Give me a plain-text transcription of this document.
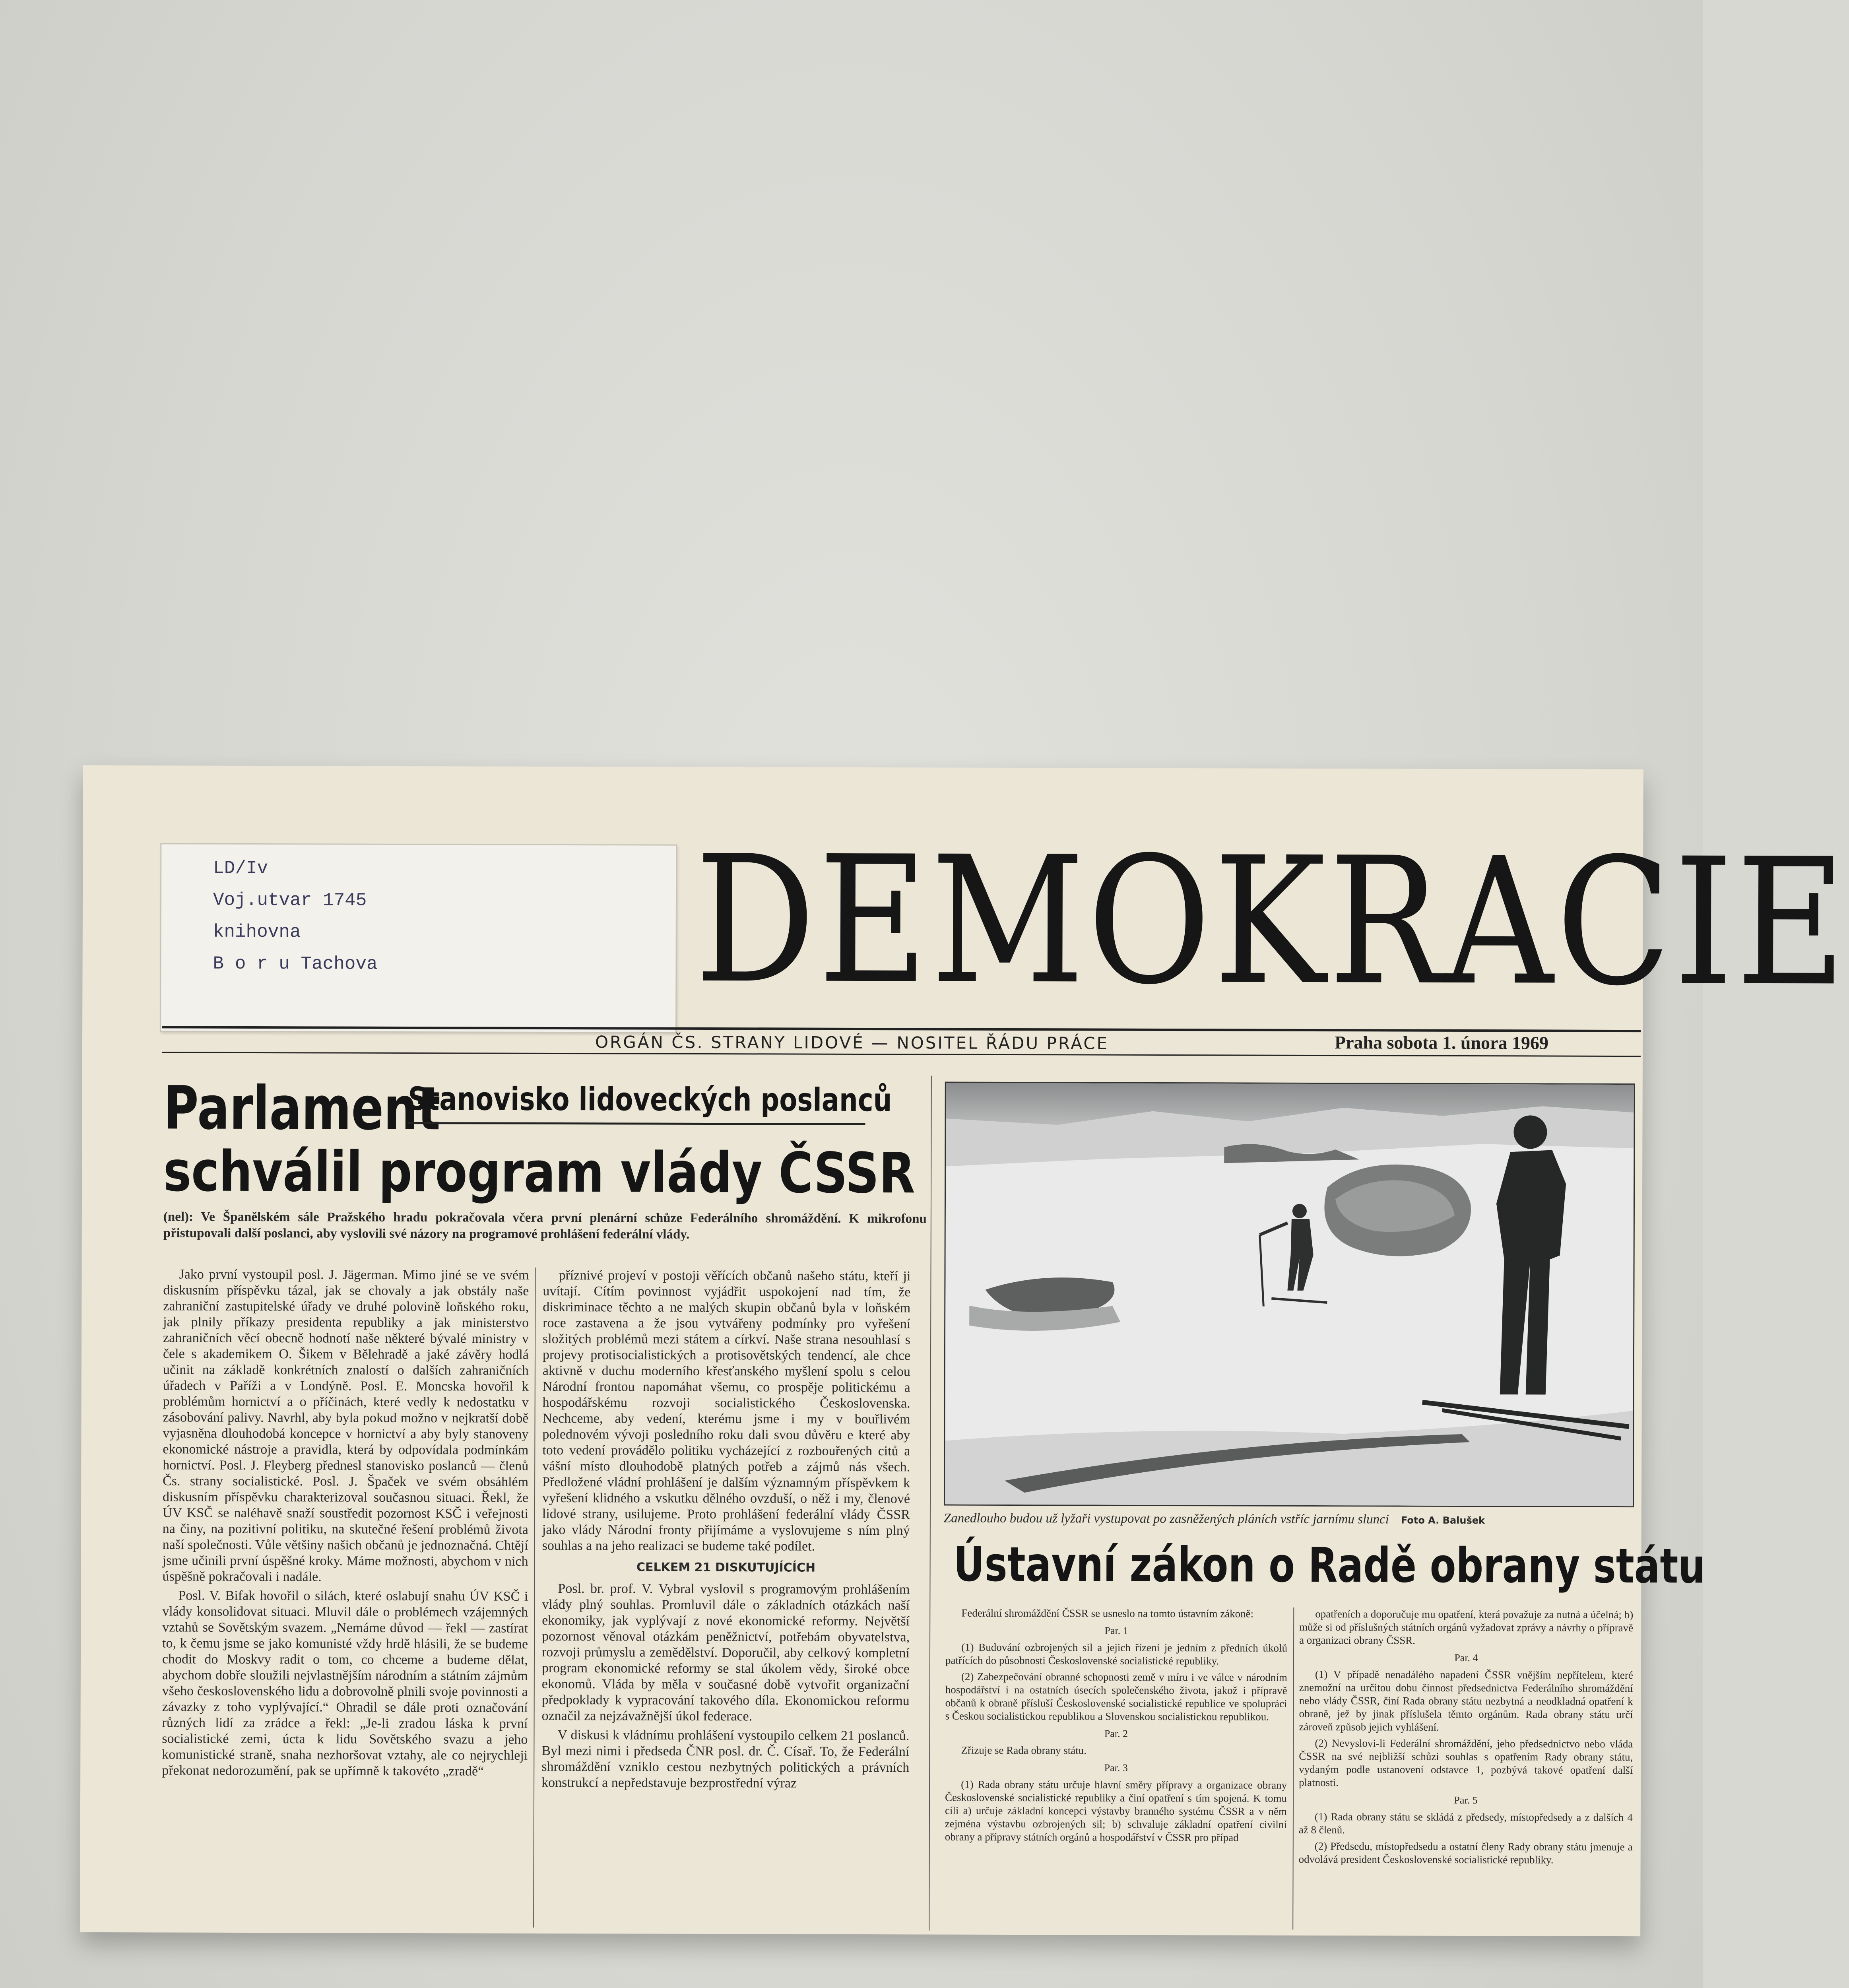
LD/Iv
Voj.utvar 1745
knihovna
B o r u Tachova	DEMOKRACIE
ORGÁN ČS. STRANY LIDOVÉ — NOSITEL ŘÁDU PRÁCE	Praha sobota 1. února 1969
Parlament
Stanovisko lidoveckých poslanců
schválil program vlády ČSSR
(nel): Ve Španělském sále Pražského hradu pokračovala včera první plenární schůze Federálního shromáždění. K mikrofonu přistupovali další poslanci, aby vyslovili své názory na programové prohlášení federální vlády.

Jako první vystoupil posl. J. Jägerman. Mimo jiné se ve svém diskusním příspěvku tázal, jak se chovaly a jak obstály naše zahraniční zastupitelské úřady ve druhé polovině loňského roku, jak plnily příkazy presidenta republiky a jak ministerstvo zahraničních věcí obecně hodnotí naše některé bývalé ministry v čele s akademikem O. Šikem v Bělehradě a jaké závěry hodlá učinit na základě konkrétních znalostí o dalších zahraničních úřadech v Paříži a v Londýně. Posl. E. Moncska hovořil k problémům hornictví a o příčinách, které vedly k nedostatku v zásobování palivy. Navrhl, aby byla pokud možno v nejkratší době vyjasněna dlouhodobá koncepce v hornictví a aby byly stanoveny ekonomické nástroje a pravidla, která by odpovídala podmínkám hornictví. Posl. J. Fleyberg přednesl stanovisko poslanců — členů Čs. strany socialistické. Posl. J. Špaček ve svém obsáhlém diskusním příspěvku charakterizoval současnou situaci. Řekl, že ÚV KSČ se naléhavě snaží soustředit pozornost KSČ i veřejnosti na činy, na pozitivní politiku, na skutečné řešení problémů života naší společnosti. Vůle většiny našich občanů je jednoznačná. Chtějí jsme učinili první úspěšné kroky. Máme možnosti, abychom v nich úspěšně pokračovali i nadále.

Posl. V. Bifak hovořil o silách, které oslabují snahu ÚV KSČ i vlády konsolidovat situaci. Mluvil dále o problémech vzájemných vztahů se Sovětským svazem. „Nemáme důvod — řekl — zastírat to, k čemu jsme se jako komunisté vždy hrdě hlásili, že se budeme chodit do Moskvy radit o tom, co chceme a budeme dělat, abychom dobře sloužili nejvlastnějším národním a státním zájmům všeho československého lidu a dobrovolně plnili svoje povinnosti a závazky z toho vyplývající.“ Ohradil se dále proti označování různých lidí za zrádce a řekl: „Je-li zradou láska k první socialistické zemi, úcta k lidu Sovětského svazu a jeho komunistické straně, snaha nezhoršovat vztahy, ale co nejrychleji překonat nedorozumění, pak se upřímně k takovéto „zradě“

příznivé projeví v postoji věřících občanů našeho státu, kteří ji uvítají. Cítím povinnost vyjádřit uspokojení nad tím, že diskriminace těchto a ne malých skupin občanů byla v loňském roce zastavena a že jsou vytvářeny podmínky pro vyřešení složitých problémů mezi státem a církví. Naše strana nesouhlasí s projevy protisocialistických a protisovětských tendencí, ale chce aktivně v duchu moderního křesťanského myšlení spolu s celou Národní frontou napomáhat všemu, co prospěje politickému a hospodářskému rozvoji socialistického Československa. Nechceme, aby vedení, kterému jsme i my v bouřlivém polednovém vývoji posledního roku dali svou důvěru e které aby toto vedení provádělo politiku vycházející z rozbouřených citů a vášní místo dlouhodobě platných potřeb a zájmů nás všech. Předložené vládní prohlášení je dalším významným příspěvkem k vyřešení klidného a vskutku dělného ovzduší, o něž i my, členové lidové strany, usilujeme. Proto prohlášení federální vlády ČSSR jako vlády Národní fronty přijímáme a vyslovujeme s ním plný souhlas a na jeho realizaci se budeme také podílet.

CELKEM 21 DISKUTUJÍCÍCH

Posl. br. prof. V. Vybral vyslovil s programovým prohlášením vlády plný souhlas. Promluvil dále o základních otázkách naší ekonomiky, jak vyplývají z nové ekonomické reformy. Největší pozornost věnoval otázkám peněžnictví, potřebám obyvatelstva, rozvoji průmyslu a zemědělství. Doporučil, aby celkový kompletní program ekonomické reformy se stal úkolem vědy, široké obce ekonomů. Vláda by měla v současné době vytvořit organizační předpoklady k vypracování takového díla. Ekonomickou reformu označil za nejzávažnější úkol federace.

V diskusi k vládnímu prohlášení vystoupilo celkem 21 poslanců. Byl mezi nimi i předseda ČNR posl. dr. Č. Císař. To, že Federální shromáždění vzniklo cestou nezbytných politických a právních konstrukcí a nepředstavuje bezprostřední výraz

Zanedlouho budou už lyžaři vystupovat po zasněžených pláních vstříc jarnímu slunci Foto A. Balušek
Ústavní zákon o Radě obrany státu

Federální shromáždění ČSSR se usneslo na tomto ústavním zákoně:

Par. 1

(1) Budování ozbrojených sil a jejich řízení je jedním z předních úkolů patřících do působnosti Československé socialistické republiky.

(2) Zabezpečování obranné schopnosti země v míru i ve válce v národním hospodářství i na ostatních úsecích společenského života, jakož i přípravě občanů k obraně přísluší Československé socialistické republice ve spolupráci s Českou socialistickou republikou a Slovenskou socialistickou republikou.

Par. 2

Zřizuje se Rada obrany státu.

Par. 3

(1) Rada obrany státu určuje hlavní směry přípravy a organizace obrany Československé socialistické republiky a činí opatření s tím spojená. K tomu cíli a) určuje základní koncepci výstavby branného systému ČSSR a v něm zejména výstavbu ozbrojených sil; b) schvaluje základní opatření civilní obrany a přípravy státních orgánů a hospodářství v ČSSR pro případ

opatřeních a doporučuje mu opatření, která považuje za nutná a účelná; b) může si od příslušných státních orgánů vyžadovat zprávy a návrhy o přípravě a organizaci obrany ČSSR.

Par. 4

(1) V případě nenadálého napadení ČSSR vnějším nepřítelem, které znemožní na určitou dobu činnost předsednictva Federálního shromáždění nebo vlády ČSSR, činí Rada obrany státu nezbytná a neodkladná opatření k obraně, jež by jinak příslušela těmto orgánům. Rada obrany státu určí zároveň způsob jejich vyhlášení.

(2) Nevyslovi-li Federální shromáždění, jeho předsednictvo nebo vláda ČSSR na své nejbližší schůzi souhlas s opatřením Rady obrany státu, vydaným podle ustanovení odstavce 1, pozbývá takové opatření další platnosti.

Par. 5

(1) Rada obrany státu se skládá z předsedy, místopředsedy a z dalších 4 až 8 členů.

(2) Předsedu, místopředsedu a ostatní členy Rady obrany státu jmenuje a odvolává president Československé socialistické republiky.
